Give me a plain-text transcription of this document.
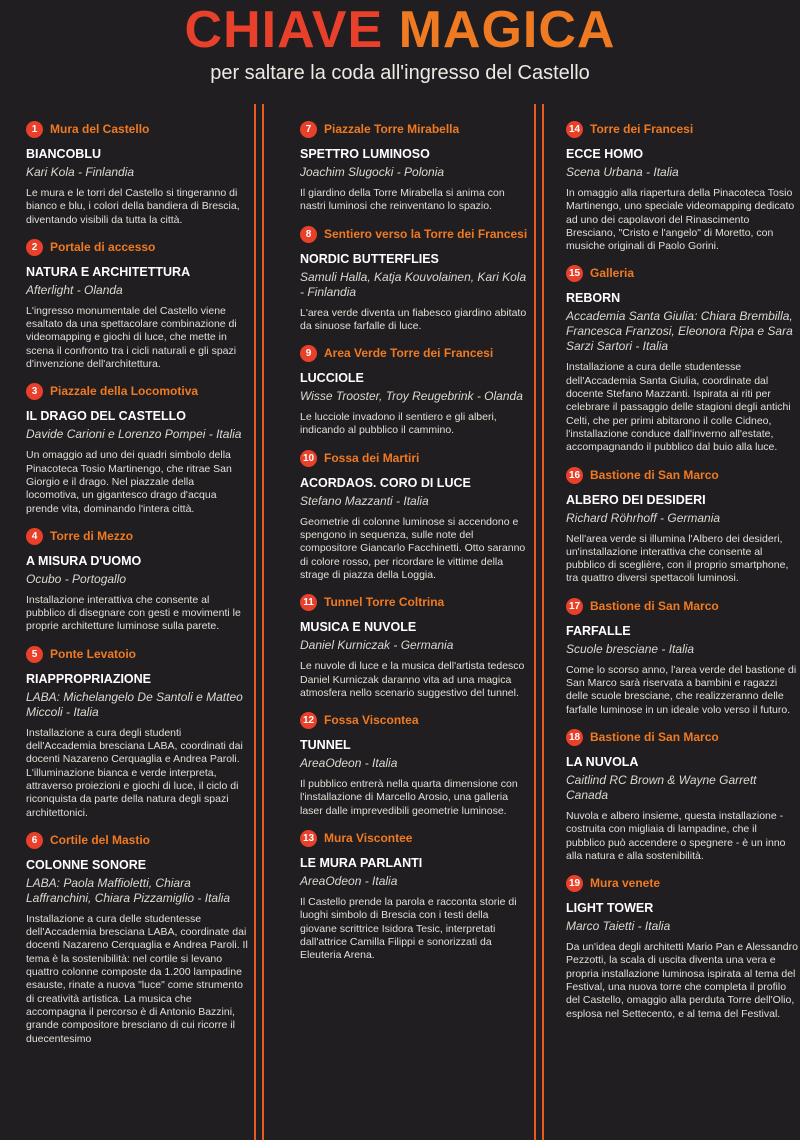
CHIAVE MAGICA
per saltare la coda all'ingresso del Castello
1	Mura del Castello
BIANCOBLU
Kari Kola - Finlandia
Le mura e le torri del Castello si tingeranno di bianco e blu, i colori della bandiera di Brescia, diventando visibili da tutta la città.
2	Portale di accesso
NATURA E ARCHITETTURA
Afterlight - Olanda
L'ingresso monumentale del Castello viene esaltato da una spettacolare combinazione di videomapping e giochi di luce, che mette in scena il confronto tra i cicli naturali e gli spazi d'invenzione dell'architettura.
3	Piazzale della Locomotiva
IL DRAGO DEL CASTELLO
Davide Carioni e Lorenzo Pompei - Italia
Un omaggio ad uno dei quadri simbolo della Pinacoteca Tosio Martinengo, che ritrae San Giorgio e il drago. Nel piazzale della locomotiva, un gigantesco drago d'acqua prende vita, dominando l'intera città.
4	Torre di Mezzo
A MISURA D'UOMO
Ocubo - Portogallo
Installazione interattiva che consente al pubblico di disegnare con gesti e movimenti le proprie architetture luminose sulla parete.
5	Ponte Levatoio
RIAPPROPRIAZIONE
LABA: Michelangelo De Santoli e Matteo Miccoli - Italia
Installazione a cura degli studenti dell'Accademia bresciana LABA, coordinati dai docenti Nazareno Cerquaglia e Andrea Paroli. L'illuminazione bianca e verde interpreta, attraverso proiezioni e giochi di luce, il ciclo di riconquista da parte della natura degli spazi architettonici.
6	Cortile del Mastio
COLONNE SONORE
LABA: Paola Maffioletti, Chiara Laffranchini, Chiara Pizzamiglio - Italia
Installazione a cura delle studentesse dell'Accademia bresciana LABA, coordinate dai docenti Nazareno Cerquaglia e Andrea Paroli. Il tema è la sostenibilità: nel cortile si levano quattro colonne composte da 1.200 lampadine esauste, rinate a nuova "luce" come strumento di creatività artistica. La musica che accompagna il percorso è di Antonio Bazzini, grande compositore bresciano di cui ricorre il duecentesimo
7	Piazzale Torre Mirabella
SPETTRO LUMINOSO
Joachim Slugocki - Polonia
Il giardino della Torre Mirabella si anima con nastri luminosi che reinventano lo spazio.
8	Sentiero verso la Torre dei Francesi
NORDIC BUTTERFLIES
Samuli Halla, Katja Kouvolainen, Kari Kola - Finlandia
L'area verde diventa un fiabesco giardino abitato da sinuose farfalle di luce.
9	Area Verde Torre dei Francesi
LUCCIOLE
Wisse Trooster, Troy Reugebrink - Olanda
Le lucciole invadono il sentiero e gli alberi, indicando al pubblico il cammino.
10 Fossa dei Martiri
ACORDAOS. CORO DI LUCE
Stefano Mazzanti - Italia
Geometrie di colonne luminose si accendono e spengono in sequenza, sulle note del compositore Giancarlo Facchinetti. Otto saranno di colore rosso, per ricordare le vittime della strage di piazza della Loggia.
11 Tunnel Torre Coltrina
MUSICA E NUVOLE
Daniel Kurniczak - Germania
Le nuvole di luce e la musica dell'artista tedesco Daniel Kurniczak daranno vita ad una magica atmosfera nello scenario suggestivo del tunnel.
12 Fossa Viscontea
TUNNEL
AreaOdeon - Italia
Il pubblico entrerà nella quarta dimensione con l'installazione di Marcello Arosio, una galleria laser dalle imprevedibili geometrie luminose.
13 Mura Viscontee
LE MURA PARLANTI
AreaOdeon - Italia
Il Castello prende la parola e racconta storie di luoghi simbolo di Brescia con i testi della giovane scrittrice Isidora Tesic, interpretati dall'attrice Camilla Filippi e sonorizzati da Eleuteria Arena.
14 Torre dei Francesi
ECCE HOMO
Scena Urbana - Italia
In omaggio alla riapertura della Pinacoteca Tosio Martinengo, uno speciale videomapping dedicato ad uno dei capolavori del Rinascimento Bresciano, "Cristo e l'angelo" di Moretto, con musiche originali di Paolo Gorini.
15 Galleria
REBORN
Accademia Santa Giulia: Chiara Brembilla, Francesca Franzosi, Eleonora Ripa e Sara Sarzi Sartori - Italia
Installazione a cura delle studentesse dell'Accademia Santa Giulia, coordinate dal docente Stefano Mazzanti. Ispirata ai riti per celebrare il passaggio delle stagioni degli antichi Celti, che per primi abitarono il colle Cidneo, l'installazione conduce dall'inverno all'estate, accompagnando il pubblico dal buio alla luce.
16 Bastione di San Marco
ALBERO DEI DESIDERI
Richard Röhrhoff - Germania
Nell'area verde si illumina l'Albero dei desideri, un'installazione interattiva che consente al pubblico di sceglière, con il proprio smartphone, tra quattro diversi spettacoli luminosi.
17 Bastione di San Marco
FARFALLE
Scuole bresciane - Italia
Come lo scorso anno, l'area verde del bastione di San Marco sarà riservata a bambini e ragazzi delle scuole bresciane, che realizzeranno delle farfalle luminose in un ideale volo verso il futuro.
18 Bastione di San Marco
LA NUVOLA
Caitlind RC Brown & Wayne Garrett Canada
Nuvola e albero insieme, questa installazione - costruita con migliaia di lampadine, che il pubblico può accendere o spegnere - è un inno alla natura e alla sostenibilità.
19 Mura venete
LIGHT TOWER
Marco Taietti - Italia
Da un'idea degli architetti Mario Pan e Alessandro Pezzotti, la scala di uscita diventa una vera e propria installazione luminosa ispirata al tema del Festival, una nuova torre che completa il profilo del Castello, omaggio alla perduta Torre dell'Olio, esplosa nel Settecento, e al tema del Festival.
